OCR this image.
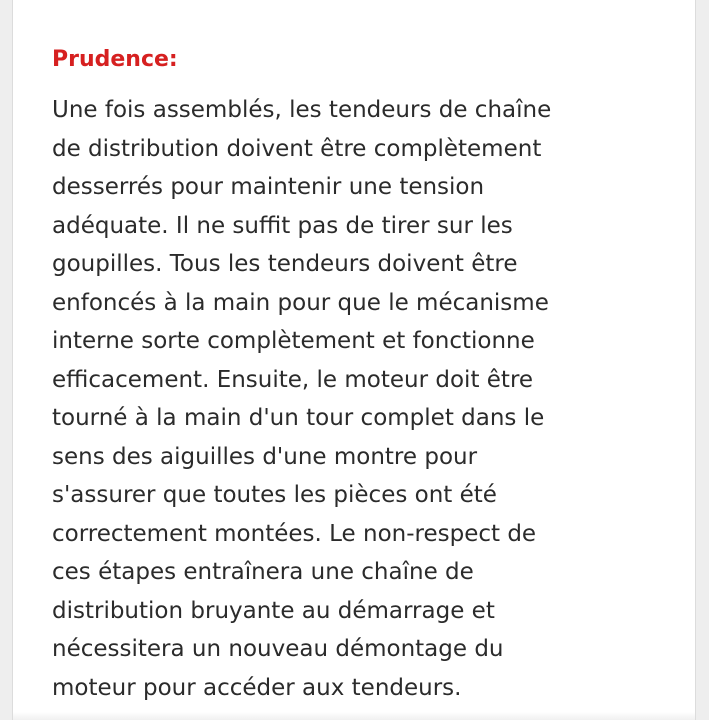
Prudence:

Une fois assemblés, les tendeurs de chaîne
de distribution doivent être complètement
desserrés pour maintenir une tension
adéquate. Il ne suffit pas de tirer sur les
goupilles. Tous les tendeurs doivent être
enfoncés à la main pour que le mécanisme
interne sorte complètement et fonctionne
efficacement. Ensuite, le moteur doit être
tourné à la main d'un tour complet dans le
sens des aiguilles d'une montre pour
s'assurer que toutes les pièces ont été
correctement montées. Le non-respect de
ces étapes entraînera une chaîne de
distribution bruyante au démarrage et
nécessitera un nouveau démontage du
moteur pour accéder aux tendeurs.
